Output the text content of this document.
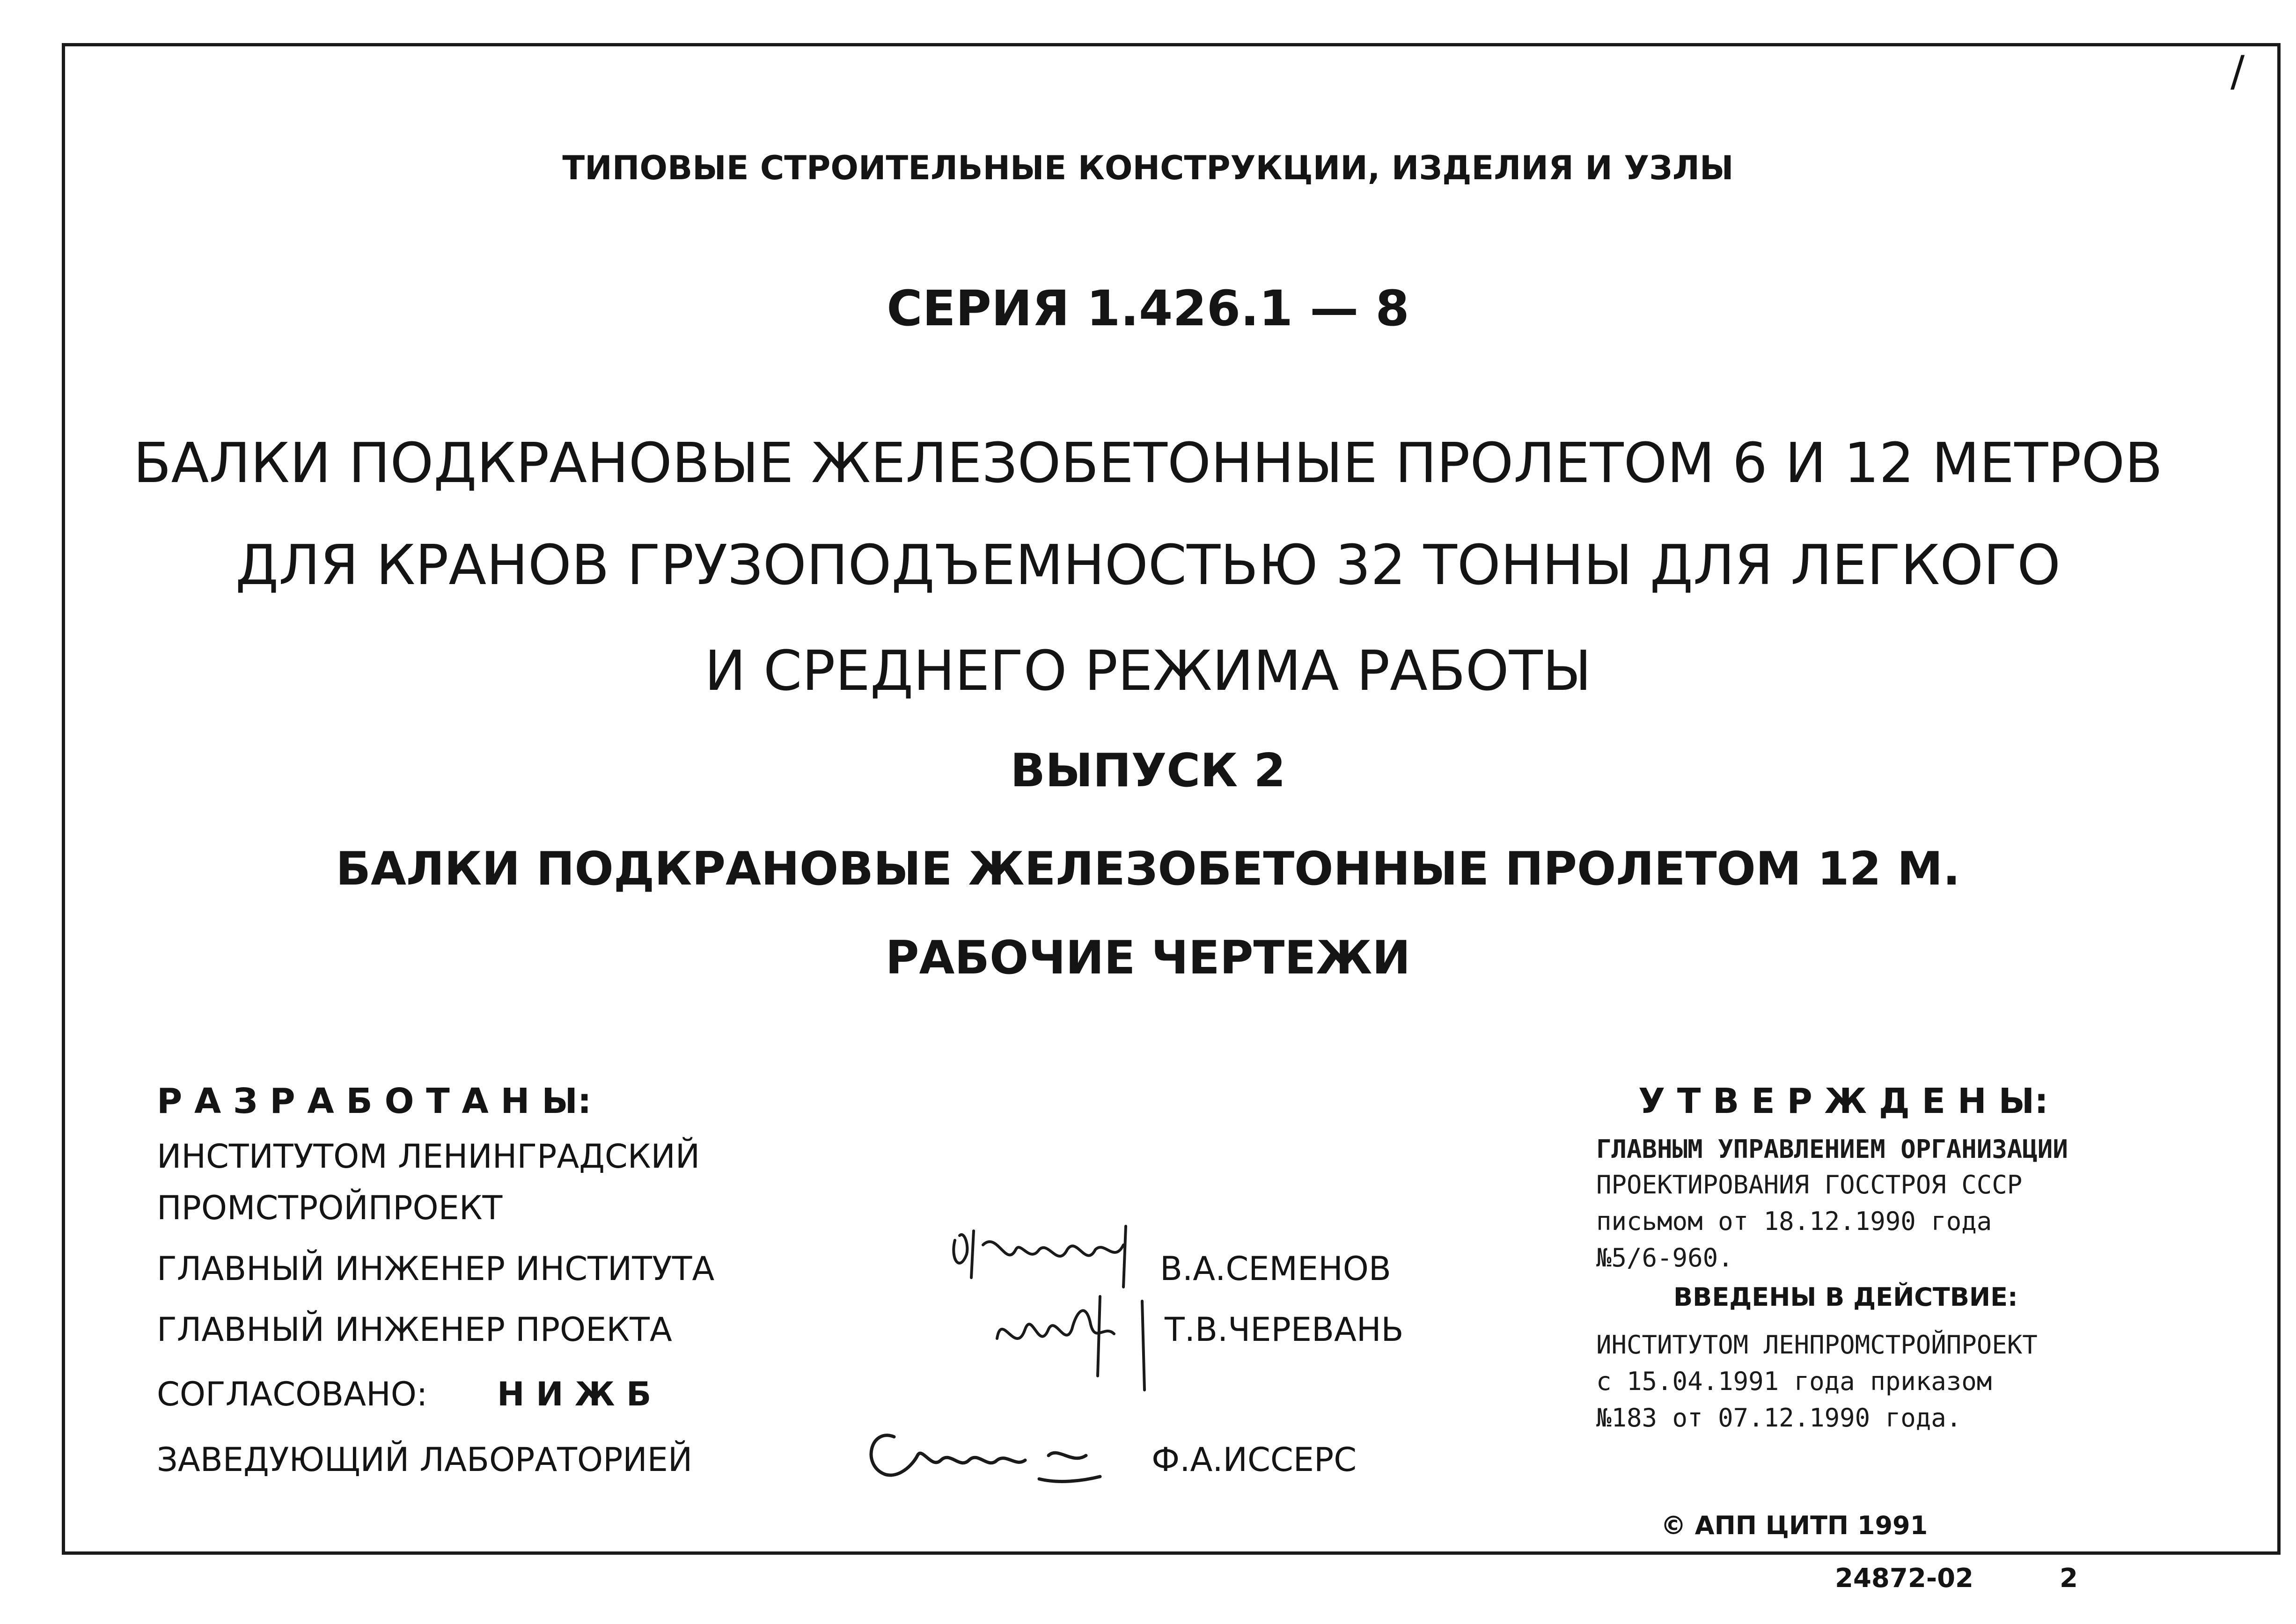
ТИПОВЫЕ СТРОИТЕЛЬНЫЕ КОНСТРУКЦИИ, ИЗДЕЛИЯ И УЗЛЫ
СЕРИЯ 1.426.1 — 8
БАЛКИ ПОДКРАНОВЫЕ ЖЕЛЕЗОБЕТОННЫЕ ПРОЛЕТОМ 6 И 12 МЕТРОВ
ДЛЯ КРАНОВ ГРУЗОПОДЪЕМНОСТЬЮ 32 ТОННЫ ДЛЯ ЛЕГКОГО
И СРЕДНЕГО РЕЖИМА РАБОТЫ
ВЫПУСК 2
БАЛКИ ПОДКРАНОВЫЕ ЖЕЛЕЗОБЕТОННЫЕ ПРОЛЕТОМ 12 М.
РАБОЧИЕ ЧЕРТЕЖИ
Р А З Р А Б О Т А Н Ы:
ИНСТИТУТОМ ЛЕНИНГРАДСКИЙ
ПРОМСТРОЙПРОЕКТ
ГЛАВНЫЙ ИНЖЕНЕР ИНСТИТУТА	В.А.СЕМЕНОВ
ГЛАВНЫЙ ИНЖЕНЕР ПРОЕКТА	Т.В.ЧЕРЕВАНЬ
СОГЛАСОВАНО: Н И Ж Б
ЗАВЕДУЮЩИЙ ЛАБОРАТОРИЕЙ	Ф.А.ИССЕРС
У Т В Е Р Ж Д Е Н Ы:
ГЛАВНЫМ УПРАВЛЕНИЕМ ОРГАНИЗАЦИИ
ПРОЕКТИРОВАНИЯ ГОССТРОЯ СССР
письмом от 18.12.1990 года
№5/6-960.
ВВЕДЕНЫ В ДЕЙСТВИЕ:
ИНСТИТУТОМ ЛЕНПРОМСТРОЙПРОЕКТ
с 15.04.1991 года приказом
№183 от 07.12.1990 года.
© АПП ЦИТП 1991
24872-02	2
/
